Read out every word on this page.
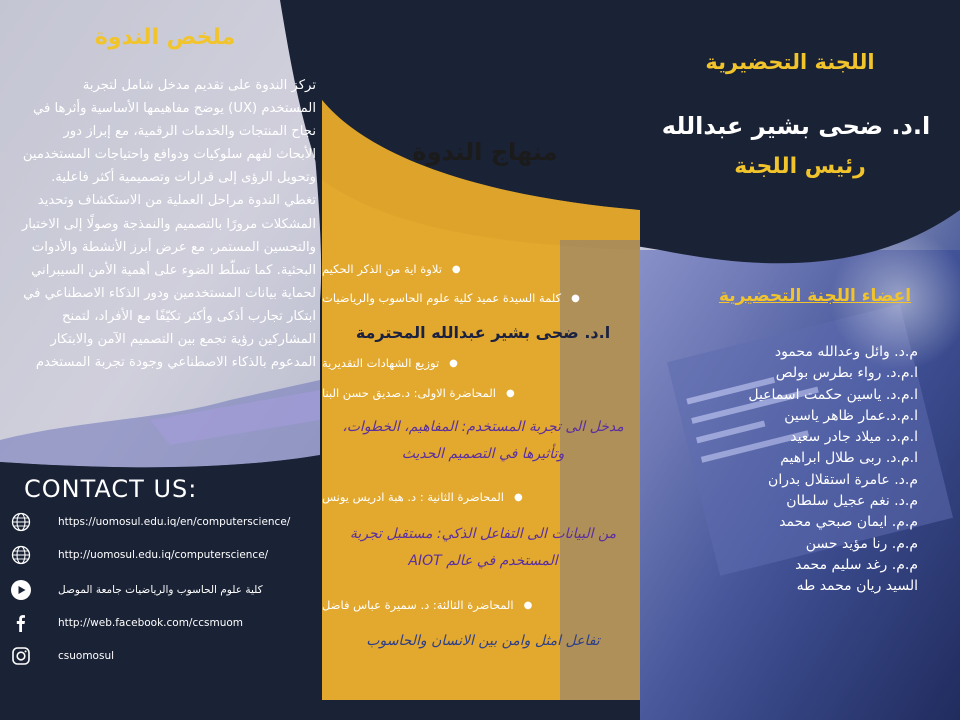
ملخص الندوة
تركز الندوة على تقديم مدخل شامل لتجربة
المستخدم (UX) يوضح مفاهيمها الأساسية وأثرها في
نجاح المنتجات والخدمات الرقمية، مع إبراز دور
الأبحاث لفهم سلوكيات ودوافع واحتياجات المستخدمين
وتحويل الرؤى إلى قرارات وتصميمية أكثر فاعلية.
تغطي الندوة مراحل العملية من الاستكشاف وتحديد
المشكلات مرورًا بالتصميم والنمذجة وصولًا إلى الاختبار
والتحسين المستمر، مع عرض أبرز الأنشطة والأدوات
البحثية. كما تسلّط الضوء على أهمية الأمن السيبراني
لحماية بيانات المستخدمين ودور الذكاء الاصطناعي في
ابتكار تجارب أذكى وأكثر تكيّفًا مع الأفراد، لتمنح
المشاركين رؤية تجمع بين التصميم الآمن والابتكار
المدعوم بالذكاء الاصطناعي وجودة تجربة المستخدم
CONTACT US:
https://uomosul.edu.iq/en/computerscience/
http://uomosul.edu.iq/computerscience/
كلية علوم الحاسوب والرياضيات جامعة الموصل
http://web.facebook.com/ccsmuom
csuomosul
منهاج الندوة
●
تلاوة اية من الذكر الحكيم
●
كلمة السيدة عميد كلية علوم الحاسوب والرياضيات
ا.د. ضحى بشير عبدالله المحترمة
●
توزيع الشهادات التقديرية
●
المحاضرة الاولى: د.صديق حسن البنا
مدخل الى تجربة المستخدم: المفاهيم، الخطوات،
وتأثيرها في التصميم الحديث
●
المحاضرة الثانية : د. هبة ادريس يونس
من البيانات الى التفاعل الذكي: مستقبل تجربة
المستخدم في عالم AIOT
●
المحاضرة الثالثة: د. سميرة عباس فاضل
تفاعل امثل وامن بين الانسان والحاسوب
اللجنة التحضيرية
ا.د. ضحى بشير عبدالله
رئيس اللجنة
اعضاء اللجنة التحضيرية
م.د. وائل وعدالله محمود
ا.م.د. رواء بطرس بولص
ا.م.د. ياسين حكمت اسماعيل
ا.م.د.عمار ظاهر ياسين
ا.م.د. ميلاد جادر سعيد
ا.م.د. ربى طلال ابراهيم
م.د. عامرة استقلال بدران
م.د. نغم عجيل سلطان
م.م. ايمان صبحي محمد
م.م. رنا مؤيد حسن
م.م. رغد سليم محمد
السيد ريان محمد طه
